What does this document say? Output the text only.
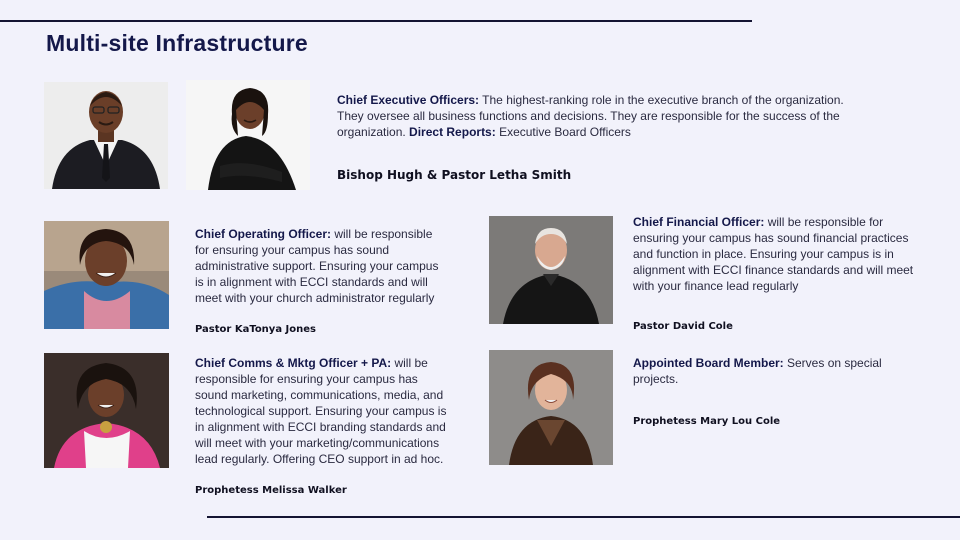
Multi-site Infrastructure
Chief Executive Officers: The highest-ranking role in the executive branch of the organization. They oversee all business functions and decisions. They are responsible for the success of the organization. Direct Reports: Executive Board Officers
Bishop Hugh & Pastor Letha Smith
Chief Operating Officer: will be responsible for ensuring your campus has sound administrative support. Ensuring your campus is in alignment with ECCI standards and will meet with your church administrator regularly
Pastor KaTonya Jones
Chief Financial Officer: will be responsible for ensuring your campus has sound financial practices and function in place. Ensuring your campus is in alignment with ECCI finance standards and will meet with your finance lead regularly
Pastor David Cole
Chief Comms & Mktg Officer + PA: will be responsible for ensuring your campus has sound marketing, communications, media, and technological support. Ensuring your campus is in alignment with ECCI branding standards and will meet with your marketing/communications lead regularly. Offering CEO support in ad hoc.
Prophetess Melissa Walker
Appointed Board Member: Serves on special projects.
Prophetess Mary Lou Cole
